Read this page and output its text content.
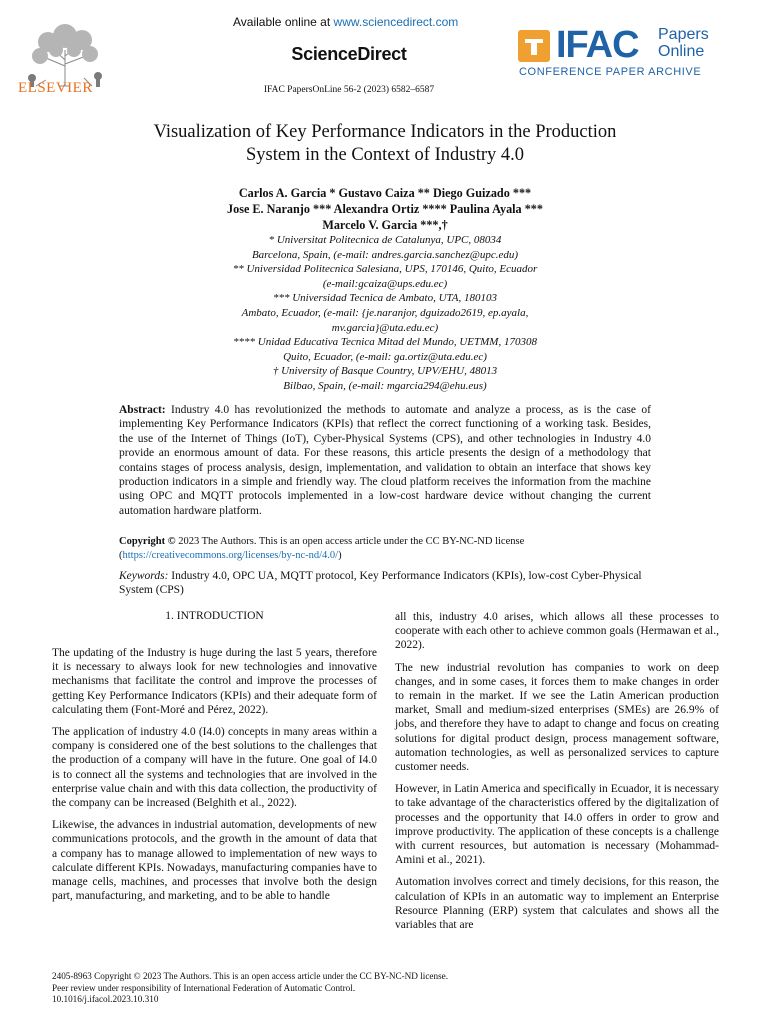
ELSEVIER
Available online at www.sciencedirect.com
ScienceDirect
IFAC PapersOnLine 56-2 (2023) 6582–6587
IFAC Papers
Online
CONFERENCE PAPER ARCHIVE
Visualization of Key Performance Indicators in the Production System in the Context of Industry 4.0
Carlos A. Garcia * Gustavo Caiza ** Diego Guizado ***
Jose E. Naranjo *** Alexandra Ortiz **** Paulina Ayala ***
Marcelo V. Garcia ***,†
* Universitat Politecnica de Catalunya, UPC, 08034
Barcelona, Spain, (e-mail: andres.garcia.sanchez@upc.edu)
** Universidad Politecnica Salesiana, UPS, 170146, Quito, Ecuador
(e-mail:gcaiza@ups.edu.ec)
*** Universidad Tecnica de Ambato, UTA, 180103
Ambato, Ecuador, (e-mail: {je.naranjor, dguizado2619, ep.ayala,
mv.garcia}@uta.edu.ec)
**** Unidad Educativa Tecnica Mitad del Mundo, UETMM, 170308
Quito, Ecuador, (e-mail: ga.ortiz@uta.edu.ec)
† University of Basque Country, UPV/EHU, 48013
Bilbao, Spain, (e-mail: mgarcia294@ehu.eus)
Abstract: Industry 4.0 has revolutionized the methods to automate and analyze a process, as is the case of implementing Key Performance Indicators (KPIs) that reflect the correct functioning of a working task. Besides, the use of the Internet of Things (IoT), Cyber-Physical Systems (CPS), and other technologies in Industry 4.0 provide an enormous amount of data. For these reasons, this article presents the design of a methodology that contains stages of process analysis, design, implementation, and validation to obtain an interface that shows key production indicators in a simple and friendly way. The cloud platform receives the information from the machine using OPC and MQTT protocols implemented in a low-cost hardware device without changing the current automation hardware platform.
Copyright © 2023 The Authors. This is an open access article under the CC BY-NC-ND license
(https://creativecommons.org/licenses/by-nc-nd/4.0/)
Keywords: Industry 4.0, OPC UA, MQTT protocol, Key Performance Indicators (KPIs), low-cost Cyber-Physical System (CPS)
1. INTRODUCTION

The updating of the Industry is huge during the last 5 years, therefore it is necessary to always look for new technologies and innovative mechanisms that facilitate the control and improve the processes of getting Key Performance Indicators (KPIs) and their adequate form of calculating them (Font-Moré and Pérez, 2022).

The application of industry 4.0 (I4.0) concepts in many areas within a company is considered one of the best solutions to the challenges that the production of a company will have in the future. One goal of I4.0 is to connect all the systems and technologies that are involved in the enterprise value chain and with this data collection, the productivity of the company can be increased (Belghith et al., 2022).

Likewise, the advances in industrial automation, developments of new communications protocols, and the growth in the amount of data that a company has to manage allowed to implementation of new ways to calculate different KPIs. Nowadays, manufacturing companies have to manage cells, machines, and processes that involve both the design part, manufacturing, and marketing, and to be able to handle

all this, industry 4.0 arises, which allows all these processes to cooperate with each other to achieve common goals (Hermawan et al., 2022).

The new industrial revolution has companies to work on deep changes, and in some cases, it forces them to make changes in order to remain in the market. If we see the Latin American production market, Small and medium-sized enterprises (SMEs) are 26.9% of jobs, and therefore they have to adapt to change and focus on creating solutions for digital product design, process management software, automation technologies, as well as personalized services to capture customer needs.

However, in Latin America and specifically in Ecuador, it is necessary to take advantage of the characteristics offered by the digitalization of processes and the opportunity that I4.0 offers in order to grow and improve productivity. The application of these concepts is a challenge with current resources, but automation is necessary (Mohammad-Amini et al., 2021).

Automation involves correct and timely decisions, for this reason, the calculation of KPIs in an automatic way to implement an Enterprise Resource Planning (ERP) system that calculates and shows all the variables that are

2405-8963 Copyright © 2023 The Authors. This is an open access article under the CC BY-NC-ND license.
Peer review under responsibility of International Federation of Automatic Control.
10.1016/j.ifacol.2023.10.310
